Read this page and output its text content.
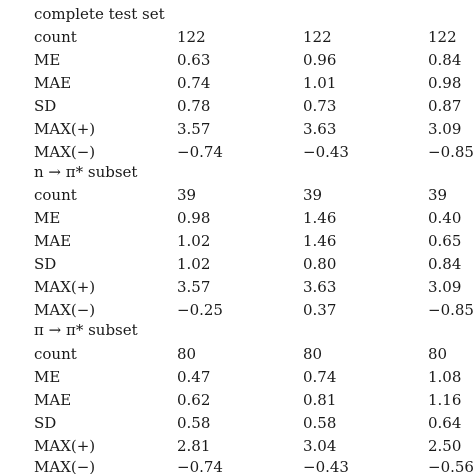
complete test set
count	122	122	122
ME	0.63	0.96	0.84
MAE	0.74	1.01	0.98
SD	0.78	0.73	0.87
MAX(+)	3.57	3.63	3.09
MAX(−)	−0.74	−0.43	−0.85
n → π* subset
count	39	39	39
ME	0.98	1.46	0.40
MAE	1.02	1.46	0.65
SD	1.02	0.80	0.84
MAX(+)	3.57	3.63	3.09
MAX(−)	−0.25	0.37	−0.85
π → π* subset
count	80	80	80
ME	0.47	0.74	1.08
MAE	0.62	0.81	1.16
SD	0.58	0.58	0.64
MAX(+)	2.81	3.04	2.50
MAX(−)	−0.74	−0.43	−0.56
